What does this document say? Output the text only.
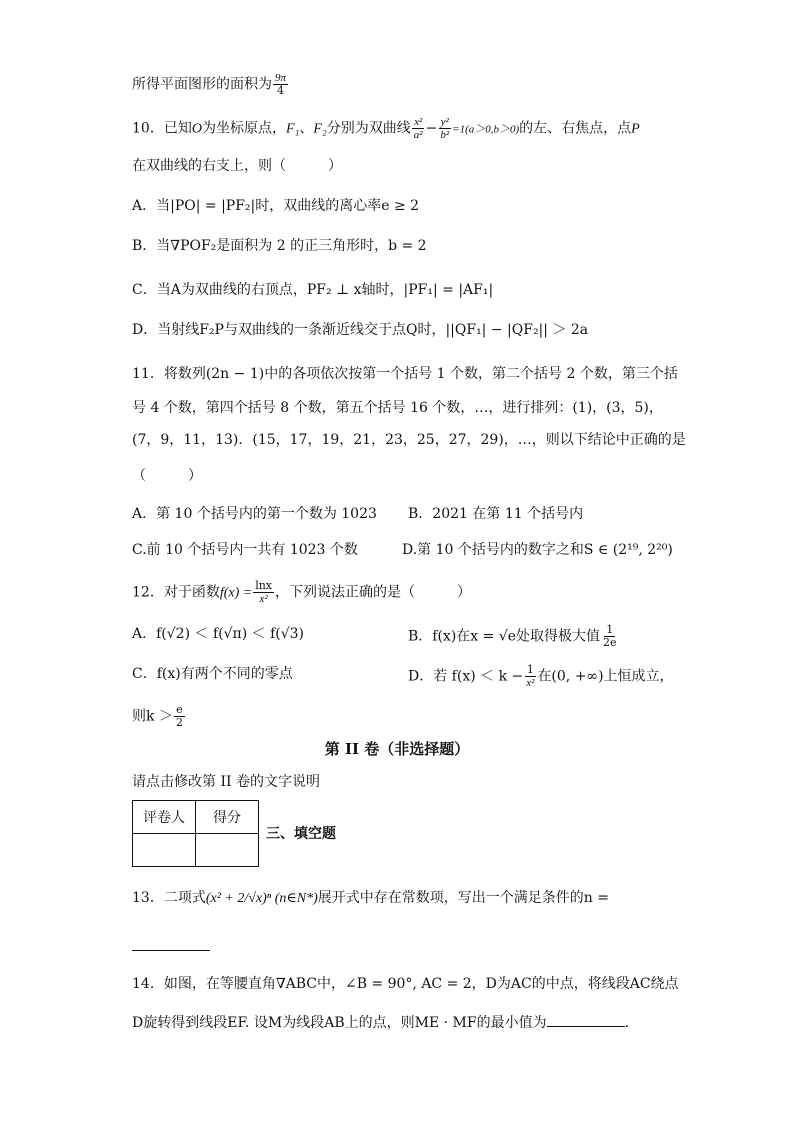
所得平面图形的面积为 $\frac{9\pi}{4}$
10．已知O为坐标原点，F₁、F₂分别为双曲线 $\frac{\text{x²}}{\text{a²}} - \frac{\text{y²}}{\text{b²}} =1(a>0,b>0)$的左、右焦点，点P
在双曲线的右支上，则（　　　）
A．当|PO| = |PF₂|时，双曲线的离心率e ≥ 2
B．当∇POF₂是面积为 2 的正三角形时，b = 2
C．当A为双曲线的右顶点，PF₂ ⊥ x轴时，|PF₁| = |AF₁|
D．当射线F₂P与双曲线的一条渐近线交于点Q时，||QF₁| − |QF₂|| ＞ 2a
11．将数列(2n − 1)中的各项依次按第一个括号 1 个数，第二个括号 2 个数，第三个括
号 4 个数，第四个括号 8 个数，第五个括号 16 个数，…，进行排列：(1)，(3，5)，
(7，9，11，13)．(15，17，19，21，23，25，27，29)，…，则以下结论中正确的是
（　　　）
A．第 10 个括号内的第一个数为 1023 B．2021 在第 11 个括号内
C.前 10 个括号内一共有 1023 个数	D.第 10 个括号内的数字之和S ∈ (2¹⁹, 2²⁰)
12．对于函数$f(x) = \frac{\ln x}{\text{x²}}$ ，下列说法正确的是（　　　）
A．f(√2) ＜ f(√π) ＜ f(√3)	B．f(x)在x = √e处取得极大值 $\frac{1}{2e}$
C．f(x)有两个不同的零点	D．若 $f(x) < k - \frac{1}{\text{x²}}$ 在(0, +∞)上恒成立，
则$k > \frac{e}{2}$
第 II 卷（非选择题）
请点击修改第 II 卷的文字说明
评卷人	得分

三、填空题
13．二项式(x² + 2/√x)ⁿ (n∈N*)展开式中存在常数项，写出一个满足条件的n =
14．如图，在等腰直角∇ABC中，∠B = 90°, AC = 2，D为AC的中点，将线段AC绕点
D旋转得到线段EF. 设M为线段AB上的点，则ME · MF的最小值为	.
